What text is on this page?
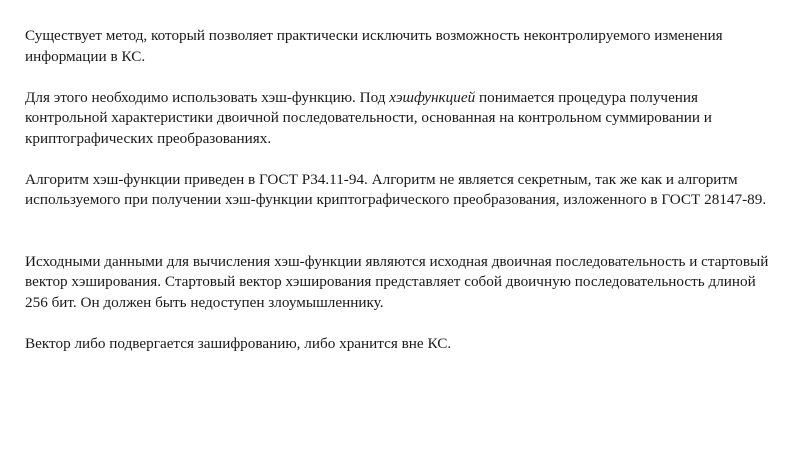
Существует метод, который позволяет практически исключить возможность неконтролируемого изменения информации в КС.

Для этого необходимо использовать хэш-функцию. Под хэшфункцией понимается процедура получения контрольной характеристики двоичной последовательности, основанная на контрольном суммировании и криптографических преобразованиях.

Алгоритм хэш-функции приведен в ГОСТ Р34.11-94. Алгоритм не является секретным, так же как и алгоритм используемого при получении хэш-функции криптографического преобразования, изложенного в ГОСТ 28147-89.

Исходными данными для вычисления хэш-функции являются исходная двоичная последовательность и стартовый вектор хэширования. Стартовый вектор хэширования представляет собой двоичную последовательность длиной 256 бит. Он должен быть недоступен злоумышленнику.

Вектор либо подвергается зашифрованию, либо хранится вне КС.
